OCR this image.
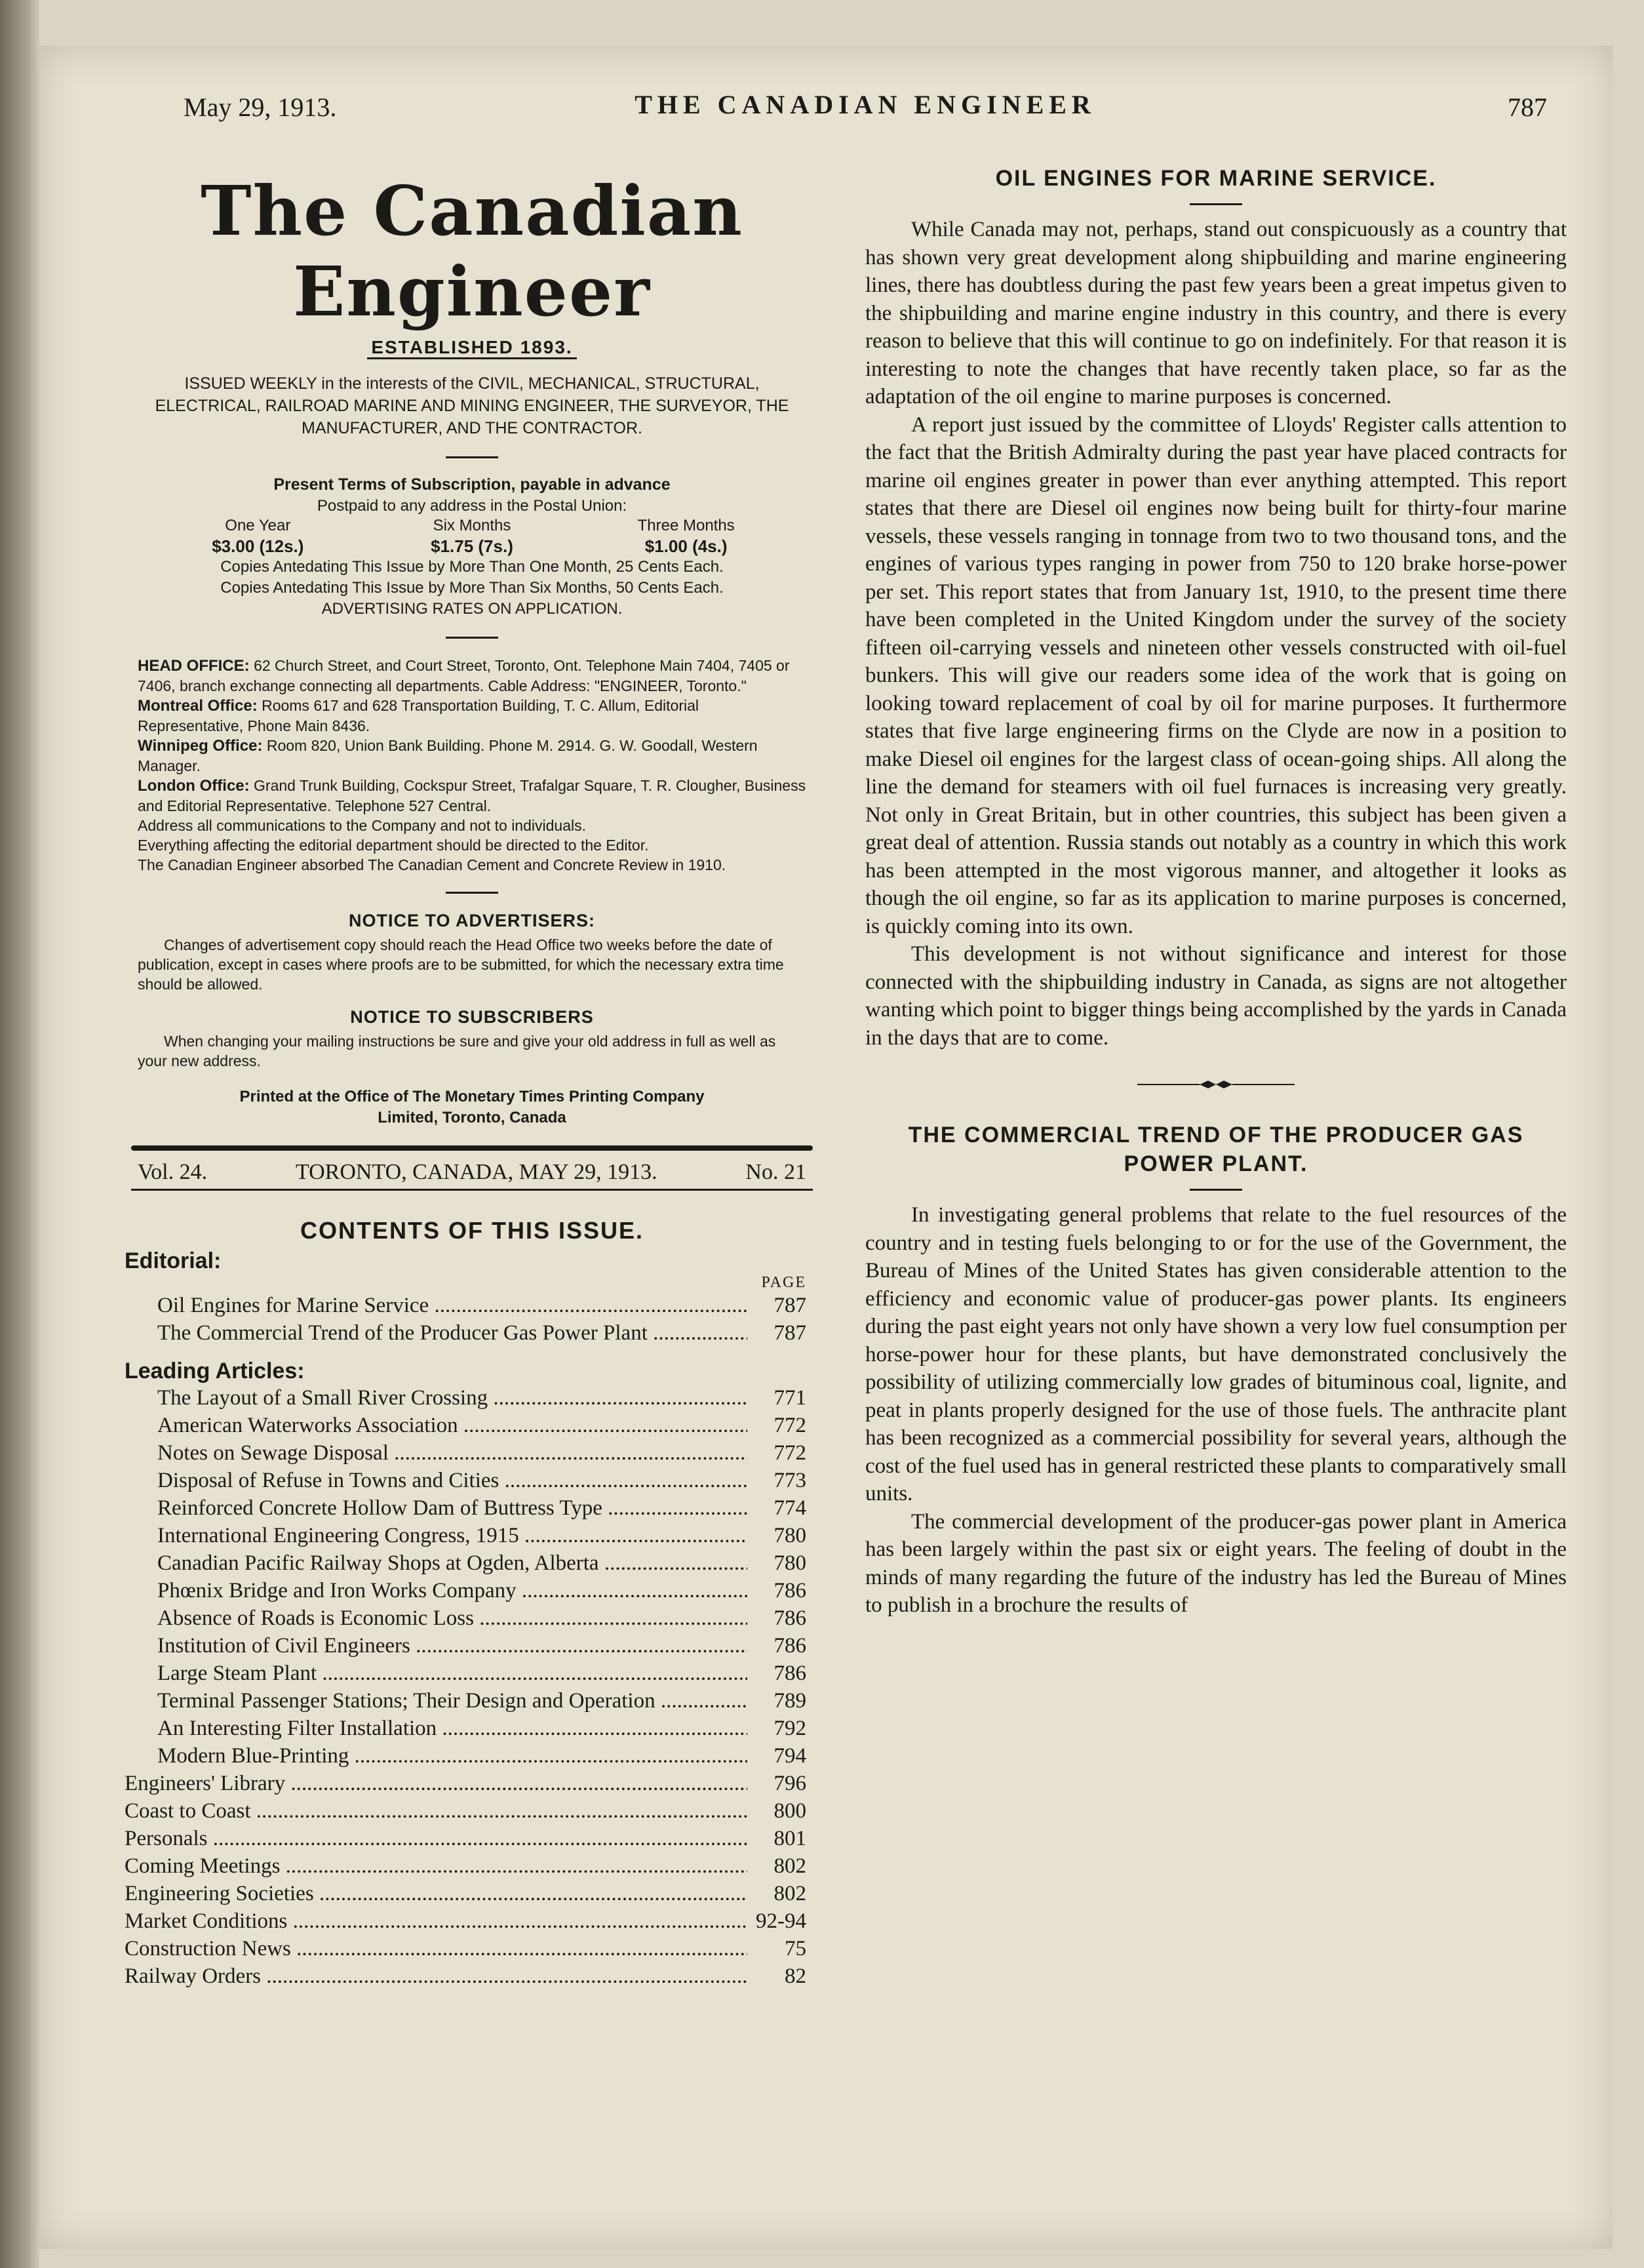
May 29, 1913.	THE CANADIAN ENGINEER	787
The Canadian Engineer
ESTABLISHED 1893.
ISSUED WEEKLY in the interests of the CIVIL, MECHANICAL, STRUCTURAL, ELECTRICAL, RAILROAD MARINE AND MINING ENGINEER, THE SURVEYOR, THE MANUFACTURER, AND THE CONTRACTOR.
Present Terms of Subscription, payable in advance
Postpaid to any address in the Postal Union:
One Year	Six Months	Three Months
$3.00 (12s.)	$1.75 (7s.)	$1.00 (4s.)
Copies Antedating This Issue by More Than One Month, 25 Cents Each.
Copies Antedating This Issue by More Than Six Months, 50 Cents Each.
ADVERTISING RATES ON APPLICATION.
HEAD OFFICE: 62 Church Street, and Court Street, Toronto, Ont. Telephone Main 7404, 7405 or 7406, branch exchange connecting all departments. Cable Address: "ENGINEER, Toronto."
Montreal Office: Rooms 617 and 628 Transportation Building, T. C. Allum, Editorial Representative, Phone Main 8436.
Winnipeg Office: Room 820, Union Bank Building. Phone M. 2914. G. W. Goodall, Western Manager.
London Office: Grand Trunk Building, Cockspur Street, Trafalgar Square, T. R. Clougher, Business and Editorial Representative. Telephone 527 Central.
Address all communications to the Company and not to individuals.
Everything affecting the editorial department should be directed to the Editor.
The Canadian Engineer absorbed The Canadian Cement and Concrete Review in 1910.
NOTICE TO ADVERTISERS:
Changes of advertisement copy should reach the Head Office two weeks before the date of publication, except in cases where proofs are to be submitted, for which the necessary extra time should be allowed.
NOTICE TO SUBSCRIBERS
When changing your mailing instructions be sure and give your old address in full as well as your new address.
Printed at the Office of The Monetary Times Printing Company
Limited, Toronto, Canada
Vol. 24.	TORONTO, CANADA, MAY 29, 1913.	No. 21
CONTENTS OF THIS ISSUE.
Editorial:
PAGE
Oil Engines for Marine Service .....	787
The Commercial Trend of the Producer Gas Power Plant .....	787
Leading Articles:
The Layout of a Small River Crossing .....	771
American Waterworks Association .....	772
Notes on Sewage Disposal .....	772
Disposal of Refuse in Towns and Cities .....	773
Reinforced Concrete Hollow Dam of Buttress Type .....	774
International Engineering Congress, 1915 .....	780
Canadian Pacific Railway Shops at Ogden, Alberta .....	780
Phœnix Bridge and Iron Works Company .....	786
Absence of Roads is Economic Loss .....	786
Institution of Civil Engineers .....	786
Large Steam Plant .....	786
Terminal Passenger Stations; Their Design and Operation .....	789
An Interesting Filter Installation .....	792
Modern Blue-Printing .....	794
Engineers' Library .....	796
Coast to Coast .....	800
Personals .....	801
Coming Meetings .....	802
Engineering Societies .....	802
Market Conditions .....	92-94
Construction News .....	75
Railway Orders .....	82
OIL ENGINES FOR MARINE SERVICE.

While Canada may not, perhaps, stand out conspicuously as a country that has shown very great development along shipbuilding and marine engineering lines, there has doubtless during the past few years been a great impetus given to the shipbuilding and marine engine industry in this country, and there is every reason to believe that this will continue to go on indefinitely. For that reason it is interesting to note the changes that have recently taken place, so far as the adaptation of the oil engine to marine purposes is concerned.

A report just issued by the committee of Lloyds' Register calls attention to the fact that the British Admiralty during the past year have placed contracts for marine oil engines greater in power than ever anything attempted. This report states that there are Diesel oil engines now being built for thirty-four marine vessels, these vessels ranging in tonnage from two to two thousand tons, and the engines of various types ranging in power from 750 to 120 brake horse-power per set. This report states that from January 1st, 1910, to the present time there have been completed in the United Kingdom under the survey of the society fifteen oil-carrying vessels and nineteen other vessels constructed with oil-fuel bunkers. This will give our readers some idea of the work that is going on looking toward replacement of coal by oil for marine purposes. It furthermore states that five large engineering firms on the Clyde are now in a position to make Diesel oil engines for the largest class of ocean-going ships. All along the line the demand for steamers with oil fuel furnaces is increasing very greatly. Not only in Great Britain, but in other countries, this subject has been given a great deal of attention. Russia stands out notably as a country in which this work has been attempted in the most vigorous manner, and altogether it looks as though the oil engine, so far as its application to marine purposes is concerned, is quickly coming into its own.

This development is not without significance and interest for those connected with the shipbuilding industry in Canada, as signs are not altogether wanting which point to bigger things being accomplished by the yards in Canada in the days that are to come.

THE COMMERCIAL TREND OF THE PRODUCER GAS POWER PLANT.

In investigating general problems that relate to the fuel resources of the country and in testing fuels belonging to or for the use of the Government, the Bureau of Mines of the United States has given considerable attention to the efficiency and economic value of producer-gas power plants. Its engineers during the past eight years not only have shown a very low fuel consumption per horse-power hour for these plants, but have demonstrated conclusively the possibility of utilizing commercially low grades of bituminous coal, lignite, and peat in plants properly designed for the use of those fuels. The anthracite plant has been recognized as a commercial possibility for several years, although the cost of the fuel used has in general restricted these plants to comparatively small units.

The commercial development of the producer-gas power plant in America has been largely within the past six or eight years. The feeling of doubt in the minds of many regarding the future of the industry has led the Bureau of Mines to publish in a brochure the results of
